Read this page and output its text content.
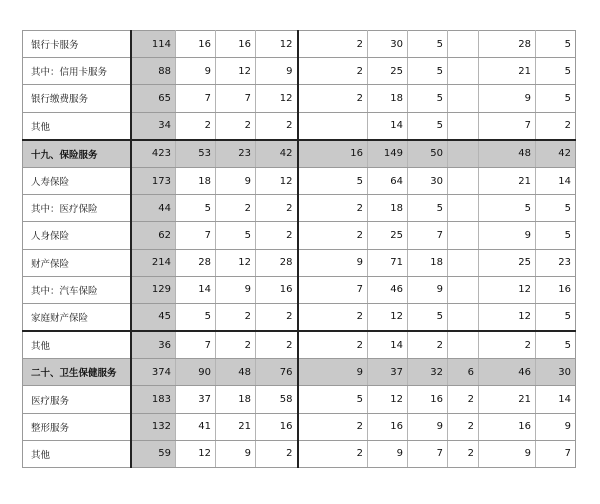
银行卡服务	114	16	16	12	2	30	5		28	5
其中：信用卡服务	88	9	12	9	2	25	5		21	5
银行缴费服务	65	7	7	12	2	18	5		9	5
其他	34	2	2	2		14	5		7	2
十九、保险服务	423	53	23	42	16	149	50		48	42
人寿保险	173	18	9	12	5	64	30		21	14
其中：医疗保险	44	5	2	2	2	18	5		5	5
人身保险	62	7	5	2	2	25	7		9	5
财产保险	214	28	12	28	9	71	18		25	23
其中：汽车保险	129	14	9	16	7	46	9		12	16
家庭财产保险	45	5	2	2	2	12	5		12	5
其他	36	7	2	2	2	14	2		2	5
二十、卫生保健服务	374	90	48	76	9	37	32	6	46	30
医疗服务	183	37	18	58	5	12	16	2	21	14
整形服务	132	41	21	16	2	16	9	2	16	9
其他	59	12	9	2	2	9	7	2	9	7
